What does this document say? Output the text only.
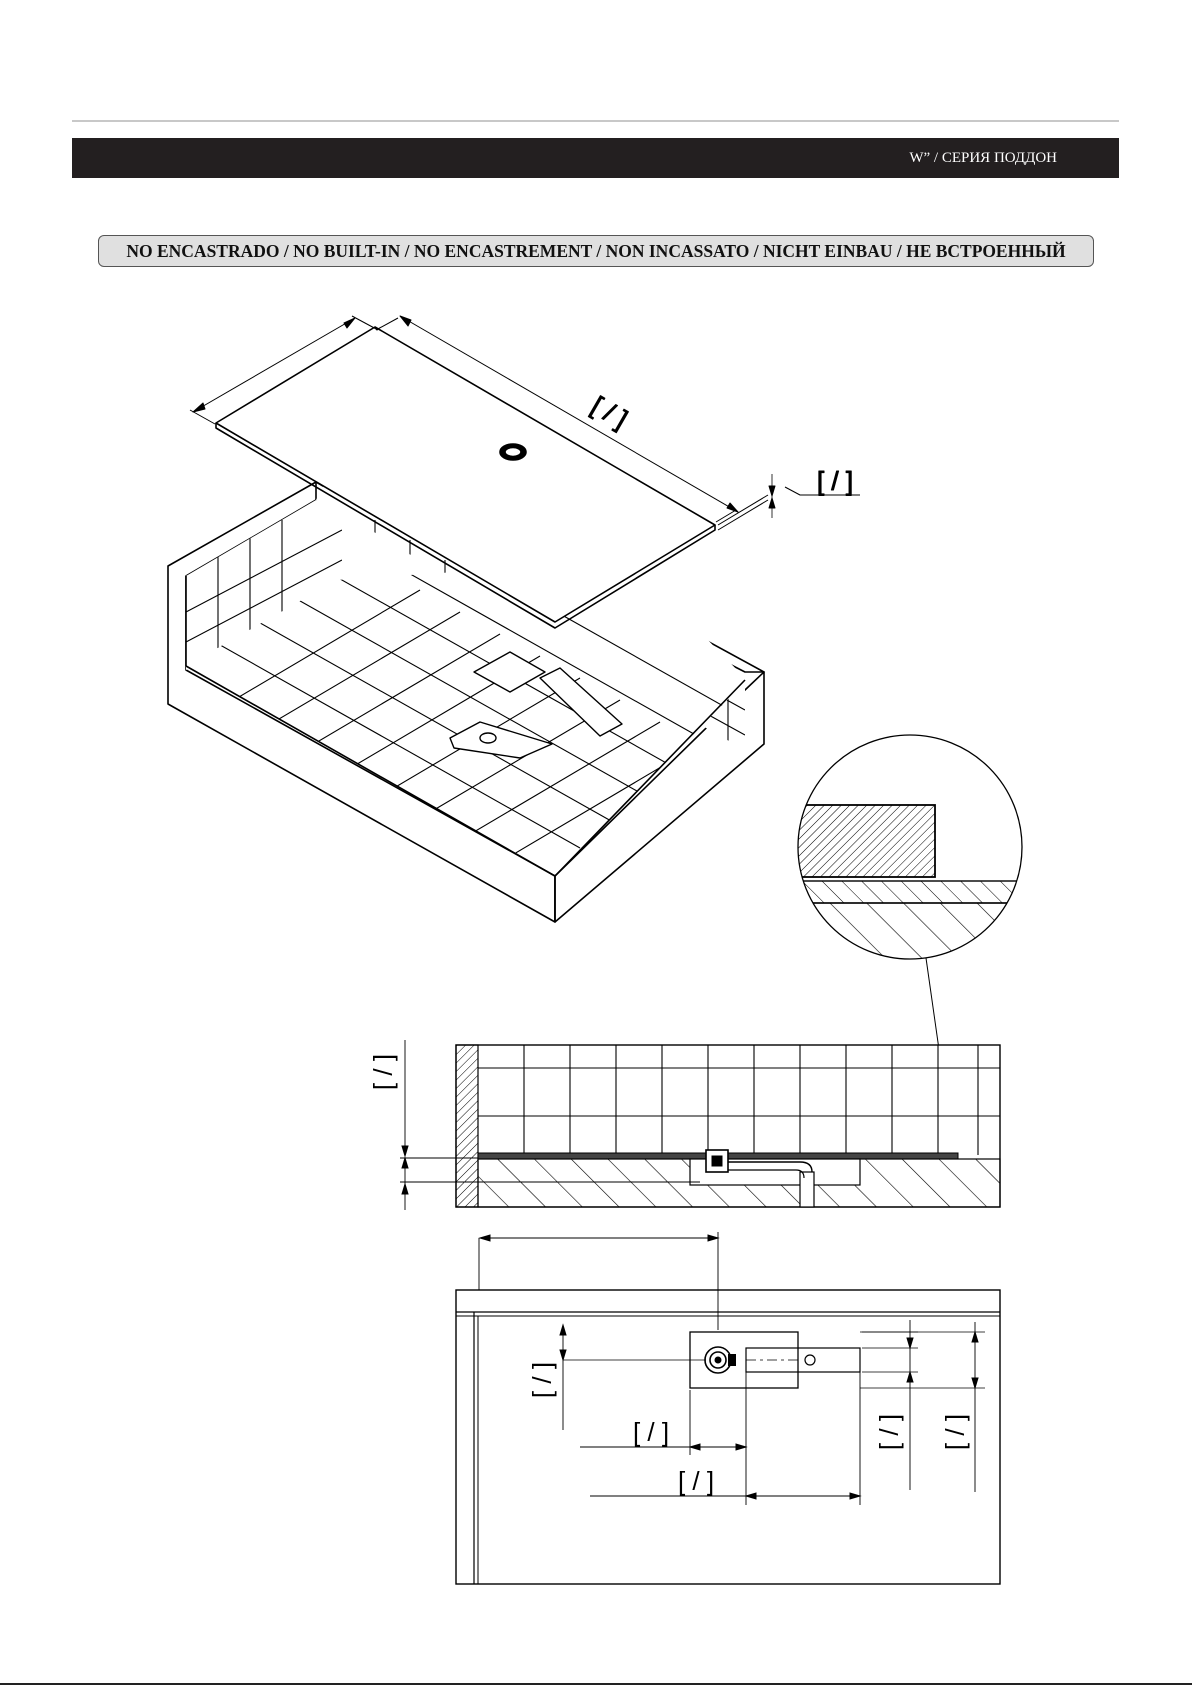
W” / СЕРИЯ ПОДДОН
NO ENCASTRADO / NO BUILT-IN / NO ENCASTREMENT / NON INCASSATO / NICHT EINBAU / НЕ ВСТРОЕННЫЙ
[ / ]
[ / ]
[ / ]
[ / ]
[ / ]
[ / ]
[ / ] [ / ]
